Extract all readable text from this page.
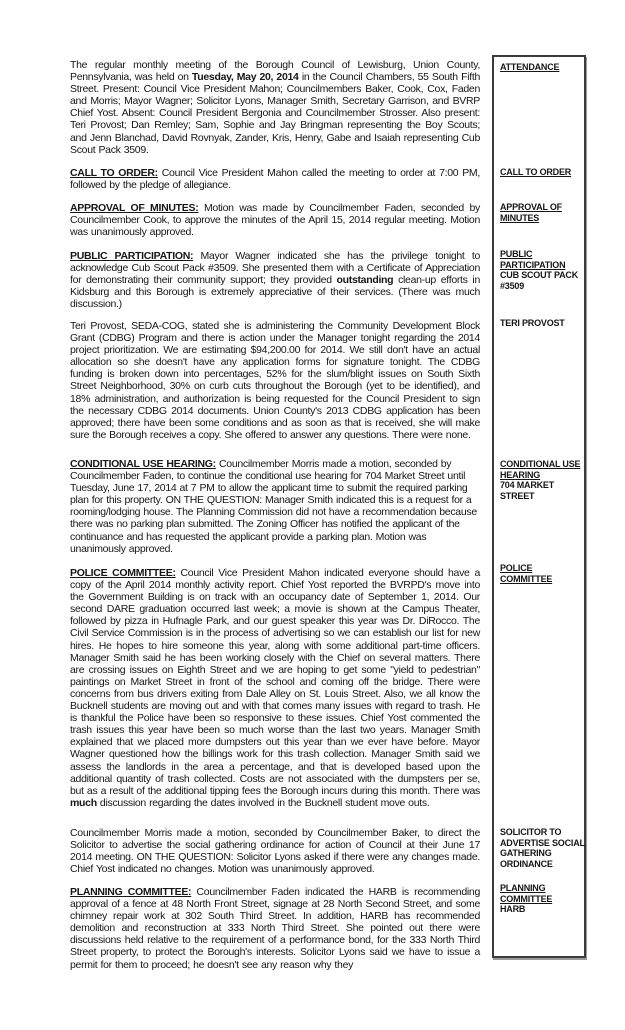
The regular monthly meeting of the Borough Council of Lewisburg, Union County, Pennsylvania, was held on Tuesday, May 20, 2014 in the Council Chambers, 55 South Fifth Street. Present: Council Vice President Mahon; Councilmembers Baker, Cook, Cox, Faden and Morris; Mayor Wagner; Solicitor Lyons, Manager Smith, Secretary Garrison, and BVRP Chief Yost. Absent: Council President Bergonia and Councilmember Strosser. Also present: Teri Provost; Dan Remley; Sam, Sophie and Jay Bringman representing the Boy Scouts; and Jenn Blanchad, David Rovnyak, Zander, Kris, Henry, Gabe and Isaiah representing Cub Scout Pack 3509.

CALL TO ORDER: Council Vice President Mahon called the meeting to order at 7:00 PM, followed by the pledge of allegiance.

APPROVAL OF MINUTES: Motion was made by Councilmember Faden, seconded by Councilmember Cook, to approve the minutes of the April 15, 2014 regular meeting. Motion was unanimously approved.

PUBLIC PARTICIPATION: Mayor Wagner indicated she has the privilege tonight to acknowledge Cub Scout Pack #3509. She presented them with a Certificate of Appreciation for demonstrating their community support; they provided outstanding clean-up efforts in Kidsburg and this Borough is extremely appreciative of their services. (There was much discussion.)

Teri Provost, SEDA-COG, stated she is administering the Community Development Block Grant (CDBG) Program and there is action under the Manager tonight regarding the 2014 project prioritization. We are estimating $94,200.00 for 2014. We still don't have an actual allocation so she doesn't have any application forms for signature tonight. The CDBG funding is broken down into percentages, 52% for the slum/blight issues on South Sixth Street Neighborhood, 30% on curb cuts throughout the Borough (yet to be identified), and 18% administration, and authorization is being requested for the Council President to sign the necessary CDBG 2014 documents. Union County's 2013 CDBG application has been approved; there have been some conditions and as soon as that is received, she will make sure the Borough receives a copy. She offered to answer any questions. There were none.

CONDITIONAL USE HEARING: Councilmember Morris made a motion, seconded by Councilmember Faden, to continue the conditional use hearing for 704 Market Street until Tuesday, June 17, 2014 at 7 PM to allow the applicant time to submit the required parking plan for this property. ON THE QUESTION: Manager Smith indicated this is a request for a rooming/lodging house. The Planning Commission did not have a recommendation because there was no parking plan submitted. The Zoning Officer has notified the applicant of the continuance and has requested the applicant provide a parking plan. Motion was unanimously approved.

POLICE COMMITTEE: Council Vice President Mahon indicated everyone should have a copy of the April 2014 monthly activity report. Chief Yost reported the BVRPD's move into the Government Building is on track with an occupancy date of September 1, 2014. Our second DARE graduation occurred last week; a movie is shown at the Campus Theater, followed by pizza in Hufnagle Park, and our guest speaker this year was Dr. DiRocco. The Civil Service Commission is in the process of advertising so we can establish our list for new hires. He hopes to hire someone this year, along with some additional part-time officers. Manager Smith said he has been working closely with the Chief on several matters. There are crossing issues on Eighth Street and we are hoping to get some "yield to pedestrian" paintings on Market Street in front of the school and coming off the bridge. There were concerns from bus drivers exiting from Dale Alley on St. Louis Street. Also, we all know the Bucknell students are moving out and with that comes many issues with regard to trash. He is thankful the Police have been so responsive to these issues. Chief Yost commented the trash issues this year have been so much worse than the last two years. Manager Smith explained that we placed more dumpsters out this year than we ever have before. Mayor Wagner questioned how the billings work for this trash collection. Manager Smith said we assess the landlords in the area a percentage, and that is developed based upon the additional quantity of trash collected. Costs are not associated with the dumpsters per se, but as a result of the additional tipping fees the Borough incurs during this month. There was much discussion regarding the dates involved in the Bucknell student move outs.

Councilmember Morris made a motion, seconded by Councilmember Baker, to direct the Solicitor to advertise the social gathering ordinance for action of Council at their June 17 2014 meeting. ON THE QUESTION: Solicitor Lyons asked if there were any changes made. Chief Yost indicated no changes. Motion was unanimously approved.

PLANNING COMMITTEE: Councilmember Faden indicated the HARB is recommending approval of a fence at 48 North Front Street, signage at 28 North Second Street, and some chimney repair work at 302 South Third Street. In addition, HARB has recommended demolition and reconstruction at 333 North Third Street. She pointed out there were discussions held relative to the requirement of a performance bond, for the 333 North Third Street property, to protect the Borough's interests. Solicitor Lyons said we have to issue a permit for them to proceed; he doesn't see any reason why they

ATTENDANCE
CALL TO ORDER
APPROVAL OF
MINUTES
PUBLIC
PARTICIPATION
CUB SCOUT PACK
#3509
TERI PROVOST
CONDITIONAL USE
HEARING
704 MARKET
STREET
POLICE
COMMITTEE
SOLICITOR TO
ADVERTISE SOCIAL
GATHERING
ORDINANCE
PLANNING
COMMITTEE
HARB
